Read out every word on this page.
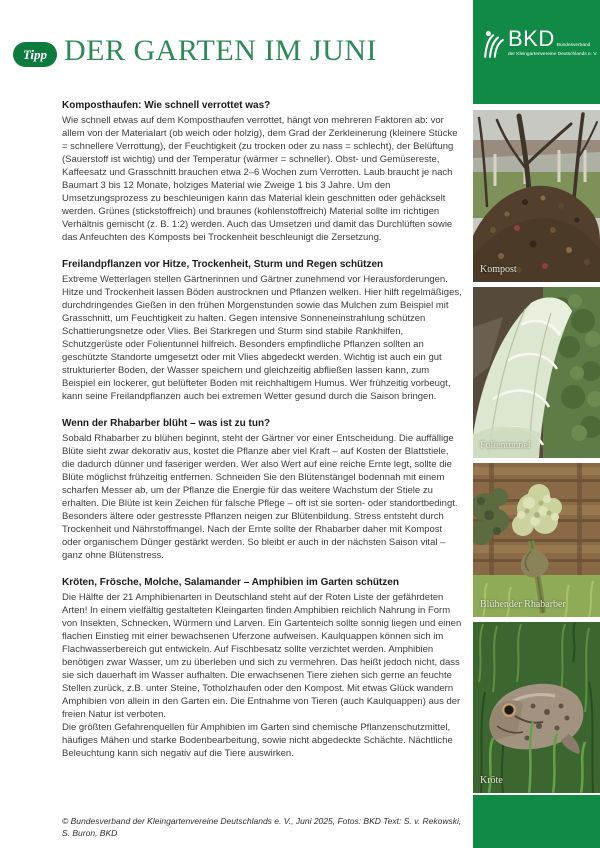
Tipp DER GARTEN IM JUNI
Komposthaufen: Wie schnell verrottet was?

Wie schnell etwas auf dem Komposthaufen verrottet, hängt von mehreren Faktoren ab: vor allem von der Materialart (ob weich oder holzig), dem Grad der Zerkleinerung (kleinere Stücke = schnellere Verrottung), der Feuchtigkeit (zu trocken oder zu nass = schlecht), der Belüftung (Sauerstoff ist wichtig) und der Temperatur (wärmer = schneller). Obst- und Gemüsereste, Kaffeesatz und Grasschnitt brauchen etwa 2–6 Wochen zum Verrotten. Laub braucht je nach Baumart 3 bis 12 Monate, holziges Material wie Zweige 1 bis 3 Jahre. Um den Umsetzungsprozess zu beschleunigen kann das Material klein geschnitten oder gehäckselt werden. Grünes (stickstoffreich) und braunes (kohlenstoffreich) Material sollte im richtigen Verhältnis gemischt (z. B. 1:2) werden. Auch das Umsetzen und damit das Durchlüften sowie das Anfeuchten des Komposts bei Trockenheit beschleunigt die Zersetzung.

Freilandpflanzen vor Hitze, Trockenheit, Sturm und Regen schützen

Extreme Wetterlagen stellen Gärtnerinnen und Gärtner zunehmend vor Herausforderungen. Hitze und Trockenheit lassen Böden austrocknen und Pflanzen welken. Hier hilft regelmäßiges, durchdringendes Gießen in den frühen Morgenstunden sowie das Mulchen zum Beispiel mit Grasschnitt, um Feuchtigkeit zu halten. Gegen intensive Sonneneinstrahlung schützen Schattierungsnetze oder Vlies. Bei Starkregen und Sturm sind stabile Rankhilfen, Schutzgerüste oder Folientunnel hilfreich. Besonders empfindliche Pflanzen sollten an geschützte Standorte umgesetzt oder mit Vlies abgedeckt werden. Wichtig ist auch ein gut strukturierter Boden, der Wasser speichern und gleichzeitig abfließen lassen kann, zum Beispiel ein lockerer, gut belüfteter Boden mit reichhaltigem Humus. Wer frühzeitig vorbeugt, kann seine Freilandpflanzen auch bei extremen Wetter gesund durch die Saison bringen.

Wenn der Rhabarber blüht – was ist zu tun?

Sobald Rhabarber zu blühen beginnt, steht der Gärtner vor einer Entscheidung. Die auffällige Blüte sieht zwar dekorativ aus, kostet die Pflanze aber viel Kraft – auf Kosten der Blattstiele, die dadurch dünner und faseriger werden. Wer also Wert auf eine reiche Ernte legt, sollte die Blüte möglichst frühzeitig entfernen. Schneiden Sie den Blütenstängel bodennah mit einem scharfen Messer ab, um der Pflanze die Energie für das weitere Wachstum der Stiele zu erhalten. Die Blüte ist kein Zeichen für falsche Pflege – oft ist sie sorten- oder standortbedingt. Besonders ältere oder gestresste Pflanzen neigen zur Blütenbildung. Stress entsteht durch Trockenheit und Nährstoffmangel. Nach der Ernte sollte der Rhabarber daher mit Kompost oder organischem Dünger gestärkt werden. So bleibt er auch in der nächsten Saison vital – ganz ohne Blütenstress.

Kröten, Frösche, Molche, Salamander – Amphibien im Garten schützen

Die Hälfte der 21 Amphibienarten in Deutschland steht auf der Roten Liste der gefährdeten Arten! In einem vielfältig gestalteten Kleingarten finden Amphibien reichlich Nahrung in Form von Insekten, Schnecken, Würmern und Larven. Ein Gartenteich sollte sonnig liegen und einen flachen Einstieg mit einer bewachsenen Uferzone aufweisen. Kaulquappen können sich im Flachwasserbereich gut entwickeln. Auf Fischbesatz sollte verzichtet werden. Amphibien benötigen zwar Wasser, um zu überleben und sich zu vermehren. Das heißt jedoch nicht, dass sie sich dauerhaft im Wasser aufhalten. Die erwachsenen Tiere ziehen sich gerne an feuchte Stellen zurück, z.B. unter Steine, Totholzhaufen oder den Kompost. Mit etwas Glück wandern Amphibien von allein in den Garten ein. Die Entnahme von Tieren (auch Kaulquappen) aus der freien Natur ist verboten.

Die größten Gefahrenquellen für Amphibien im Garten sind chemische Pflanzenschutzmittel, häufiges Mähen und starke Bodenbearbeitung, sowie nicht abgedeckte Schächte. Nächtliche Beleuchtung kann sich negativ auf die Tiere auswirken.

© Bundesverband der Kleingartenvereine Deutschlands e. V., Juni 2025, Fotos: BKD Text: S. v. Rekowski, S. Buron, BKD

BKD Bundesverband
der Kleingartenvereine Deutschlands e. V.
Kompost
Folientunnel
Blühender Rhabarber
Kröte
